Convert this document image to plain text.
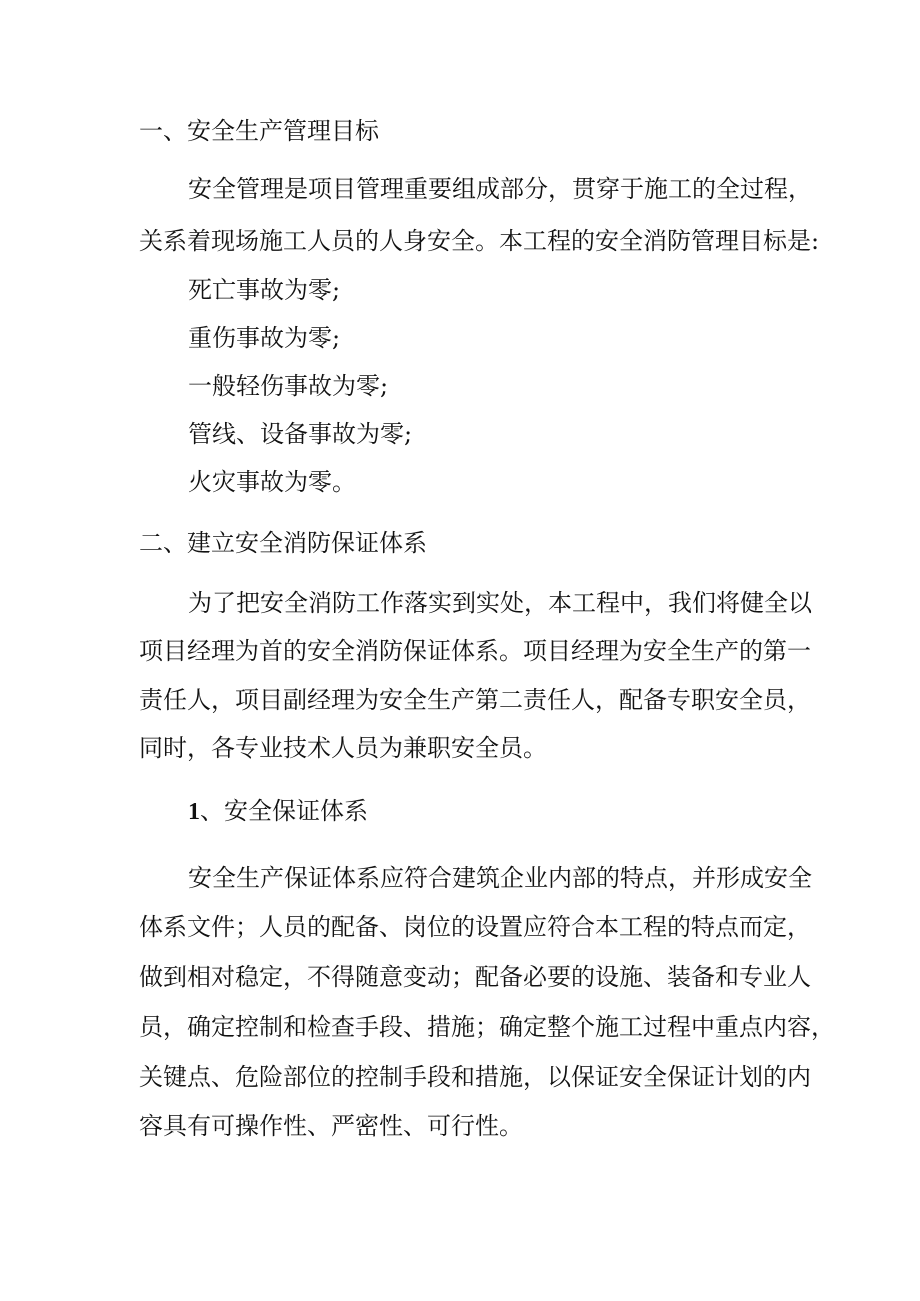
一、安全生产管理目标
安全管理是项目管理重要组成部分，贯穿于施工的全过程，
关系着现场施工人员的人身安全。本工程的安全消防管理目标是:
死亡事故为零;
重伤事故为零;
一般轻伤事故为零;
管线、设备事故为零;
火灾事故为零。
二、建立安全消防保证体系
为了把安全消防工作落实到实处，本工程中，我们将健全以
项目经理为首的安全消防保证体系。项目经理为安全生产的第一
责任人，项目副经理为安全生产第二责任人，配备专职安全员，
同时，各专业技术人员为兼职安全员。
1、安全保证体系
安全生产保证体系应符合建筑企业内部的特点，并形成安全
体系文件；人员的配备、岗位的设置应符合本工程的特点而定，
做到相对稳定，不得随意变动；配备必要的设施、装备和专业人
员，确定控制和检查手段、措施；确定整个施工过程中重点内容，
关键点、危险部位的控制手段和措施，以保证安全保证计划的内
容具有可操作性、严密性、可行性。
